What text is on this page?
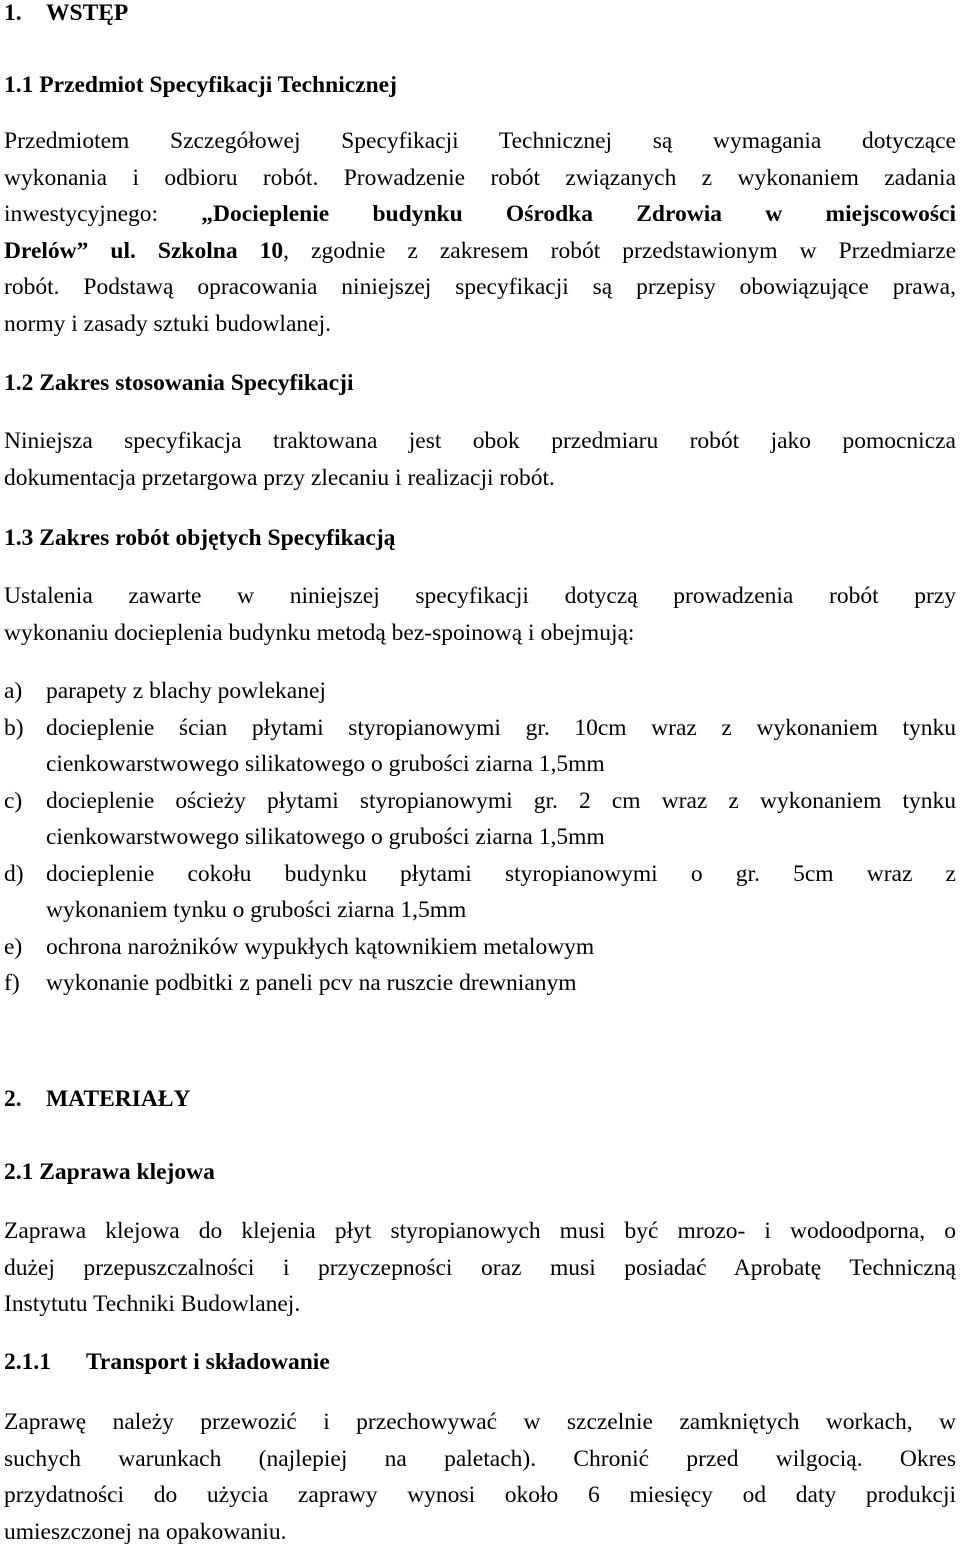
1. WSTĘP
1.1 Przedmiot Specyfikacji Technicznej
Przedmiotem Szczegółowej Specyfikacji Technicznej są wymagania dotyczące
wykonania i odbioru robót. Prowadzenie robót związanych z wykonaniem zadania
inwestycyjnego: „Docieplenie budynku Ośrodka Zdrowia w miejscowości
Drelów” ul. Szkolna 10, zgodnie z zakresem robót przedstawionym w Przedmiarze
robót. Podstawą opracowania niniejszej specyfikacji są przepisy obowiązujące prawa,
normy i zasady sztuki budowlanej.
1.2 Zakres stosowania Specyfikacji
Niniejsza specyfikacja traktowana jest obok przedmiaru robót jako pomocnicza
dokumentacja przetargowa przy zlecaniu i realizacji robót.
1.3 Zakres robót objętych Specyfikacją
Ustalenia zawarte w niniejszej specyfikacji dotyczą prowadzenia robót przy
wykonaniu docieplenia budynku metodą bez-spoinową i obejmują:
a) parapety z blachy powlekanej
b) docieplenie ścian płytami styropianowymi gr. 10cm wraz z wykonaniem tynku
cienkowarstwowego silikatowego o grubości ziarna 1,5mm
c) docieplenie ościeży płytami styropianowymi gr. 2 cm wraz z wykonaniem tynku
cienkowarstwowego silikatowego o grubości ziarna 1,5mm
d) docieplenie cokołu budynku płytami styropianowymi o gr. 5cm wraz z
wykonaniem tynku o grubości ziarna 1,5mm
e) ochrona narożników wypukłych kątownikiem metalowym
f) wykonanie podbitki z paneli pcv na ruszcie drewnianym
2. MATERIAŁY
2.1 Zaprawa klejowa
Zaprawa klejowa do klejenia płyt styropianowych musi być mrozo- i wodoodporna, o
dużej przepuszczalności i przyczepności oraz musi posiadać Aprobatę Techniczną
Instytutu Techniki Budowlanej.
2.1.1 Transport i składowanie
Zaprawę należy przewozić i przechowywać w szczelnie zamkniętych workach, w
suchych warunkach (najlepiej na paletach). Chronić przed wilgocią. Okres
przydatności do użycia zaprawy wynosi około 6 miesięcy od daty produkcji
umieszczonej na opakowaniu.
